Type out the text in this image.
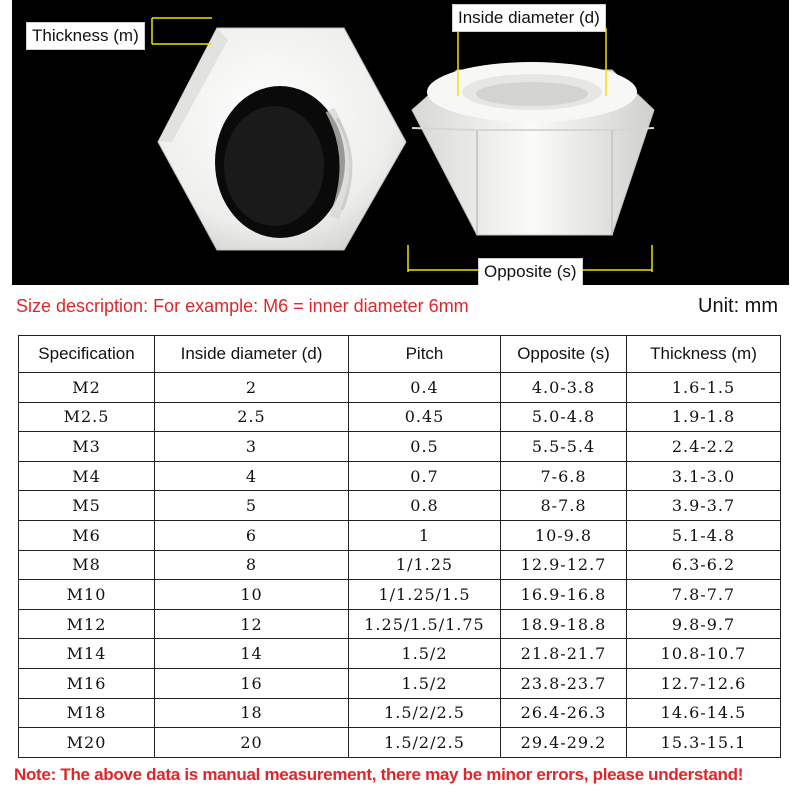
Thickness (m)
Inside diameter (d)
Opposite (s)
Size description: For example: M6 = inner diameter 6mm	Unit: mm
Specification	Inside diameter (d)	Pitch	Opposite (s)	Thickness (m)
M2	2	0.4	4.0-3.8	1.6-1.5
M2.5	2.5	0.45	5.0-4.8	1.9-1.8
M3	3	0.5	5.5-5.4	2.4-2.2
M4	4	0.7	7-6.8	3.1-3.0
M5	5	0.8	8-7.8	3.9-3.7
M6	6	1	10-9.8	5.1-4.8
M8	8	1/1.25	12.9-12.7	6.3-6.2
M10	10	1/1.25/1.5	16.9-16.8	7.8-7.7
M12	12	1.25/1.5/1.75	18.9-18.8	9.8-9.7
M14	14	1.5/2	21.8-21.7	10.8-10.7
M16	16	1.5/2	23.8-23.7	12.7-12.6
M18	18	1.5/2/2.5	26.4-26.3	14.6-14.5
M20	20	1.5/2/2.5	29.4-29.2	15.3-15.1
Note: The above data is manual measurement, there may be minor errors, please understand!
